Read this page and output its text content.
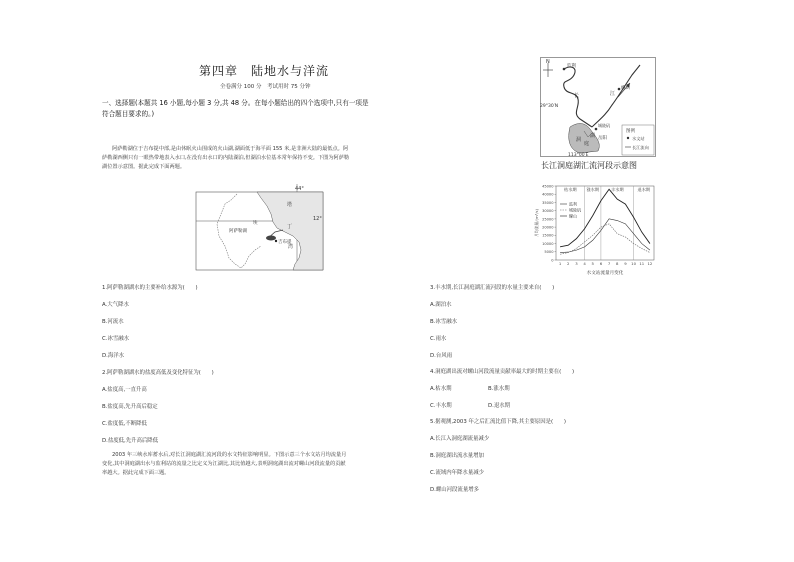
第四章　陆地水与洋流
全卷满分 100 分　考试用时 75 分钟
一、选择题(本题共 16 小题,每小题 3 分,共 48 分。在每小题给出的四个选项中,只有一项是
符合题目要求的。)
阿萨勒湖位于吉布提中部,是由休眠火山围成的火山湖,湖面低于海平面 155 米,是非洲大陆的最低点。阿
萨勒湖西侧只有一眼热带地表入水口,在没有出水口的内陆湖泊,但湖泊水位基本常年保持不变。下图为阿萨勒
湖位置示意图。据此完成下面两题。
44°
12°
阿萨勒湖
塔
丁
湾
吉布提
埃
1.阿萨勒湖湖水的主要补给水源为(　　)
A.大气降水
B.河流水
C.冰雪融水
D.海洋水
2.阿萨勒湖湖水的盐度高低及变化特征为(　　)
A.盐度高,一直升高
B.盐度高,先升高后稳定
C.盐度低,不断降低
D.盐度低,先升高后降低
2003 年三峡水库蓄水后,对长江洞庭湖汇流河段的水文特征影响明显。下图示意三个水文站月均流量月
变化,其中洞庭湖出水与监利站的流量之比定义为江湖比,其比值越大,表明洞庭湖出流对螺山河段流量的贡献
率越大。据此完成下面三题。
N
监利
螺山
城陵矶
洞
庭
湖 岳阳
长	江
29°30′N
113°00′E
图例
水文站
长江流向
长江洞庭湖汇流河段示意图
枯水期 涨水期	丰水期	退水期
0
5000
10000
15000
20000
25000
30000
35000
40000
45000
1 2 3 4 5 6 7 8 9 10 11 12
月均流量/(m³/s)
监利
城陵矶
螺山
水文站流量月变化
3.丰水期,长江洞庭湖汇流河段的水量主要来自(　　)
A.湖泊水
B.冰雪融水
C.雨水
D.台风雨
4.洞庭湖出流对螺山河段流量贡献率最大的时期主要在(　　)
A.枯水期	B.涨水期
C.丰水期	D.退水期
5.据观测,2003 年之后汇流比值下降,其主要原因是(　　)
A.长江入洞庭湖流量减少
B.洞庭湖出流水量增加
C.流域内年降水量减少
D.螺山河段流量增多
